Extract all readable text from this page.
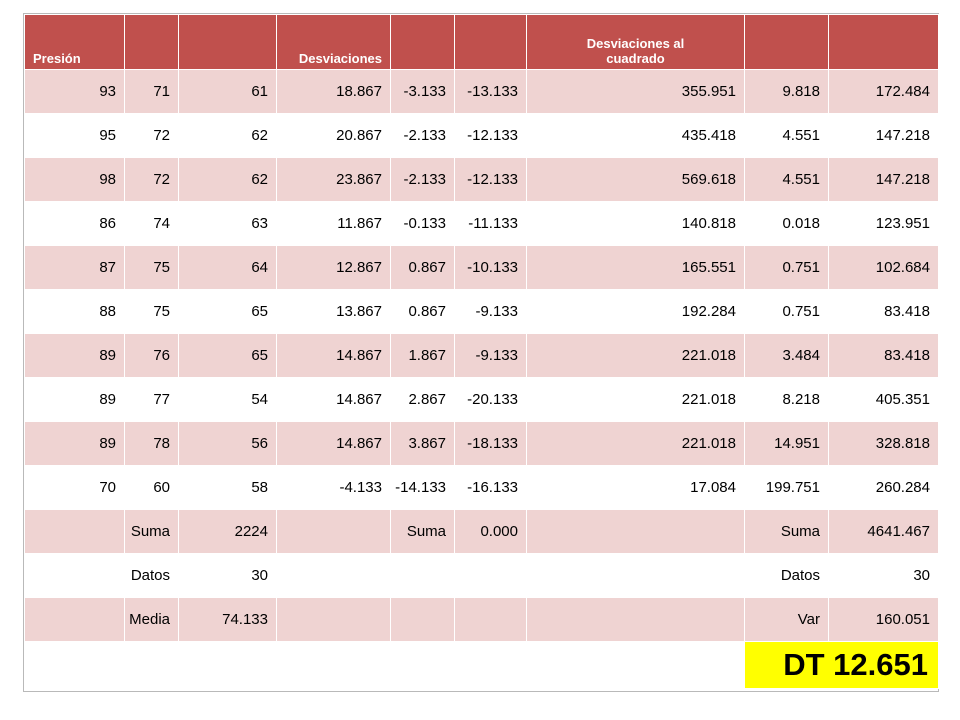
Presión			Desviaciones			Desviaciones al cuadrado		
93	71	61	18.867	-3.133	-13.133	355.951	9.818	172.484
95	72	62	20.867	-2.133	-12.133	435.418	4.551	147.218
98	72	62	23.867	-2.133	-12.133	569.618	4.551	147.218
86	74	63	11.867	-0.133	-11.133	140.818	0.018	123.951
87	75	64	12.867	0.867	-10.133	165.551	0.751	102.684
88	75	65	13.867	0.867	-9.133	192.284	0.751	83.418
89	76	65	14.867	1.867	-9.133	221.018	3.484	83.418
89	77	54	14.867	2.867	-20.133	221.018	8.218	405.351
89	78	56	14.867	3.867	-18.133	221.018	14.951	328.818
70	60	58	-4.133	-14.133	-16.133	17.084	199.751	260.284
	Suma	2224		Suma	0.000		Suma	4641.467
	Datos	30					Datos	30
	Media	74.133					Var	160.051
							DT 12.651	
